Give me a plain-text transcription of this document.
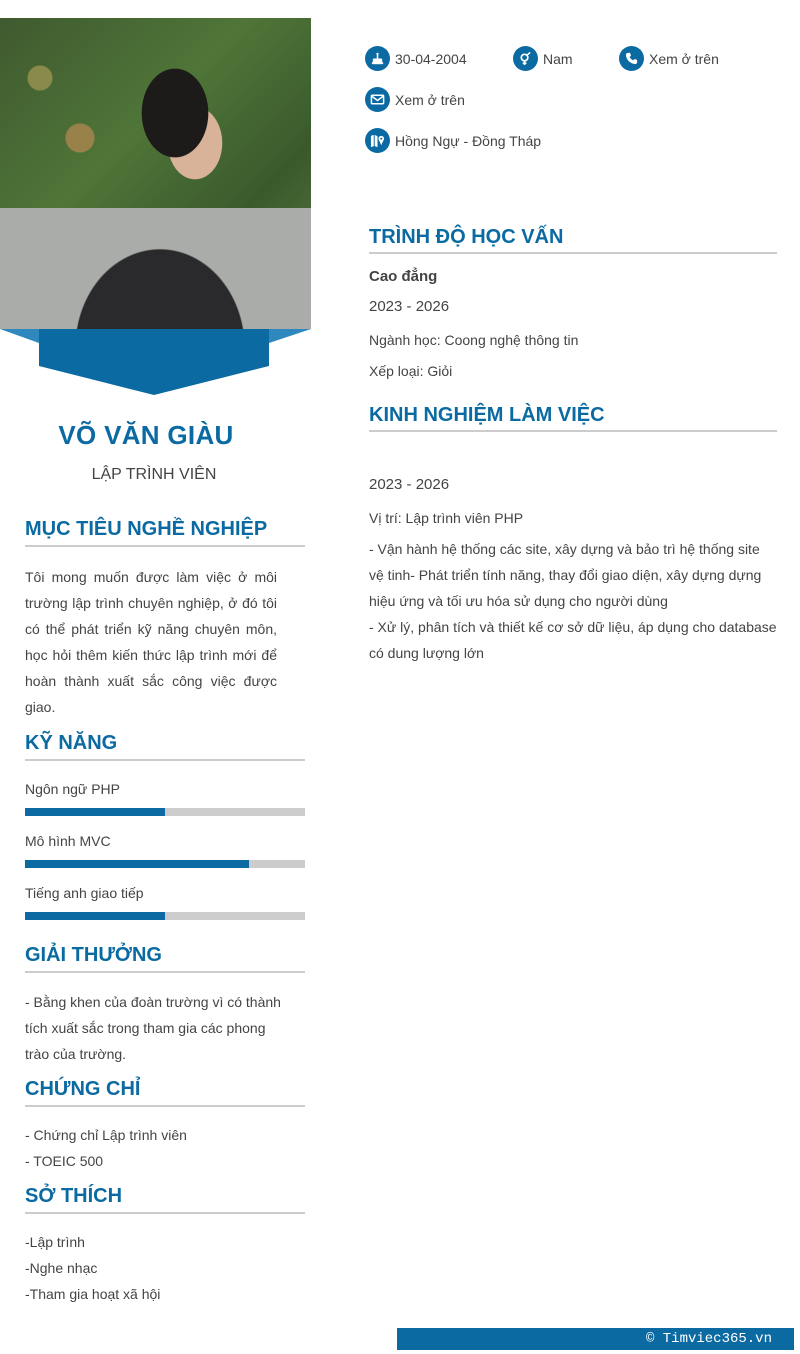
VÕ VĂN GIÀU
LẬP TRÌNH VIÊN
MỤC TIÊU NGHỀ NGHIỆP
Tôi mong muốn được làm việc ở môi trường lập trình chuyên nghiệp, ở đó tôi có thể phát triển kỹ năng chuyên môn, học hỏi thêm kiến thức lập trình mới để hoàn thành xuất sắc công việc được giao.
KỸ NĂNG
Ngôn ngữ PHP
Mô hình MVC
Tiếng anh giao tiếp
GIẢI THƯỞNG
- Bằng khen của đoàn trường vì có thành tích xuất sắc trong tham gia các phong trào của trường.
CHỨNG CHỈ
- Chứng chỉ Lập trình viên
- TOEIC 500
SỞ THÍCH
-Lập trình
-Nghe nhạc
-Tham gia hoạt xã hội
30-04-2004	Nam	Xem ở trên
Xem ở trên
Hồng Ngự - Đồng Tháp
TRÌNH ĐỘ HỌC VẤN
Cao đẳng
2023 - 2026
Ngành học: Coong nghệ thông tin
Xếp loại: Giỏi
KINH NGHIỆM LÀM VIỆC
2023 - 2026
Vị trí: Lập trình viên PHP
- Vận hành hệ thống các site, xây dựng và bảo trì hệ thống site vệ tinh- Phát triển tính năng, thay đổi giao diện, xây dựng dựng hiệu ứng và tối ưu hóa sử dụng cho người dùng
- Xử lý, phân tích và thiết kế cơ sở dữ liệu, áp dụng cho database có dung lượng lớn
© Timviec365.vn
